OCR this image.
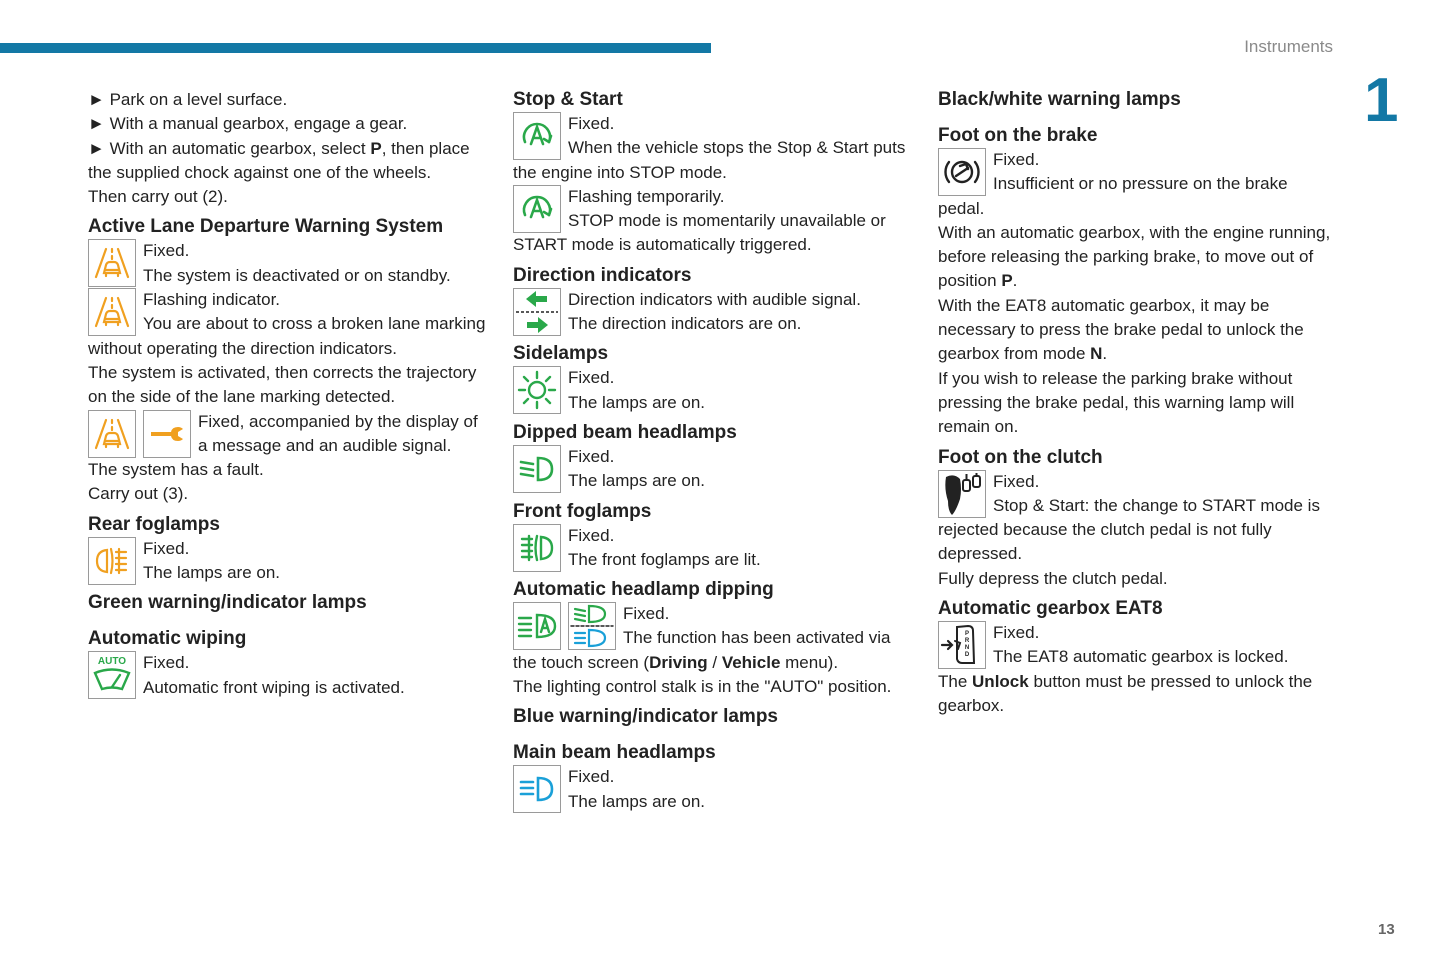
Instruments
1
13
► Park on a level surface.
► With a manual gearbox, engage a gear.
► With an automatic gearbox, select P, then place the supplied chock against one of the wheels.
Then carry out (2).
Active Lane Departure Warning System
Fixed.
The system is deactivated or on standby.
Flashing indicator.
You are about to cross a broken lane marking without operating the direction indicators.
The system is activated, then corrects the trajectory on the side of the lane marking detected.
Fixed, accompanied by the display of a message and an audible signal.
The system has a fault.
Carry out (3).
Rear foglamps
Fixed.
The lamps are on.
Green warning/indicator lamps
Automatic wiping
AUTO Fixed.
Automatic front wiping is activated.
Stop & Start
Fixed.
When the vehicle stops the Stop & Start puts the engine into STOP mode.
Flashing temporarily.
STOP mode is momentarily unavailable or START mode is automatically triggered.
Direction indicators
Direction indicators with audible signal.
The direction indicators are on.
Sidelamps
Fixed.
The lamps are on.
Dipped beam headlamps
Fixed.
The lamps are on.
Front foglamps
Fixed.
The front foglamps are lit.
Automatic headlamp dipping
Fixed.
The function has been activated via the touch screen (Driving / Vehicle menu).
The lighting control stalk is in the "AUTO" position.
Blue warning/indicator lamps
Main beam headlamps
Fixed.
The lamps are on.
Black/white warning lamps
Foot on the brake
Fixed.
Insufficient or no pressure on the brake pedal.
With an automatic gearbox, with the engine running, before releasing the parking brake, to move out of position P.
With the EAT8 automatic gearbox, it may be necessary to press the brake pedal to unlock the gearbox from mode N.
If you wish to release the parking brake without pressing the brake pedal, this warning lamp will remain on.
Foot on the clutch
Fixed.
Stop & Start: the change to START mode is rejected because the clutch pedal is not fully depressed.
Fully depress the clutch pedal.
Automatic gearbox EAT8
P
R
N
D
Fixed.
The EAT8 automatic gearbox is locked.
The Unlock button must be pressed to unlock the gearbox.
